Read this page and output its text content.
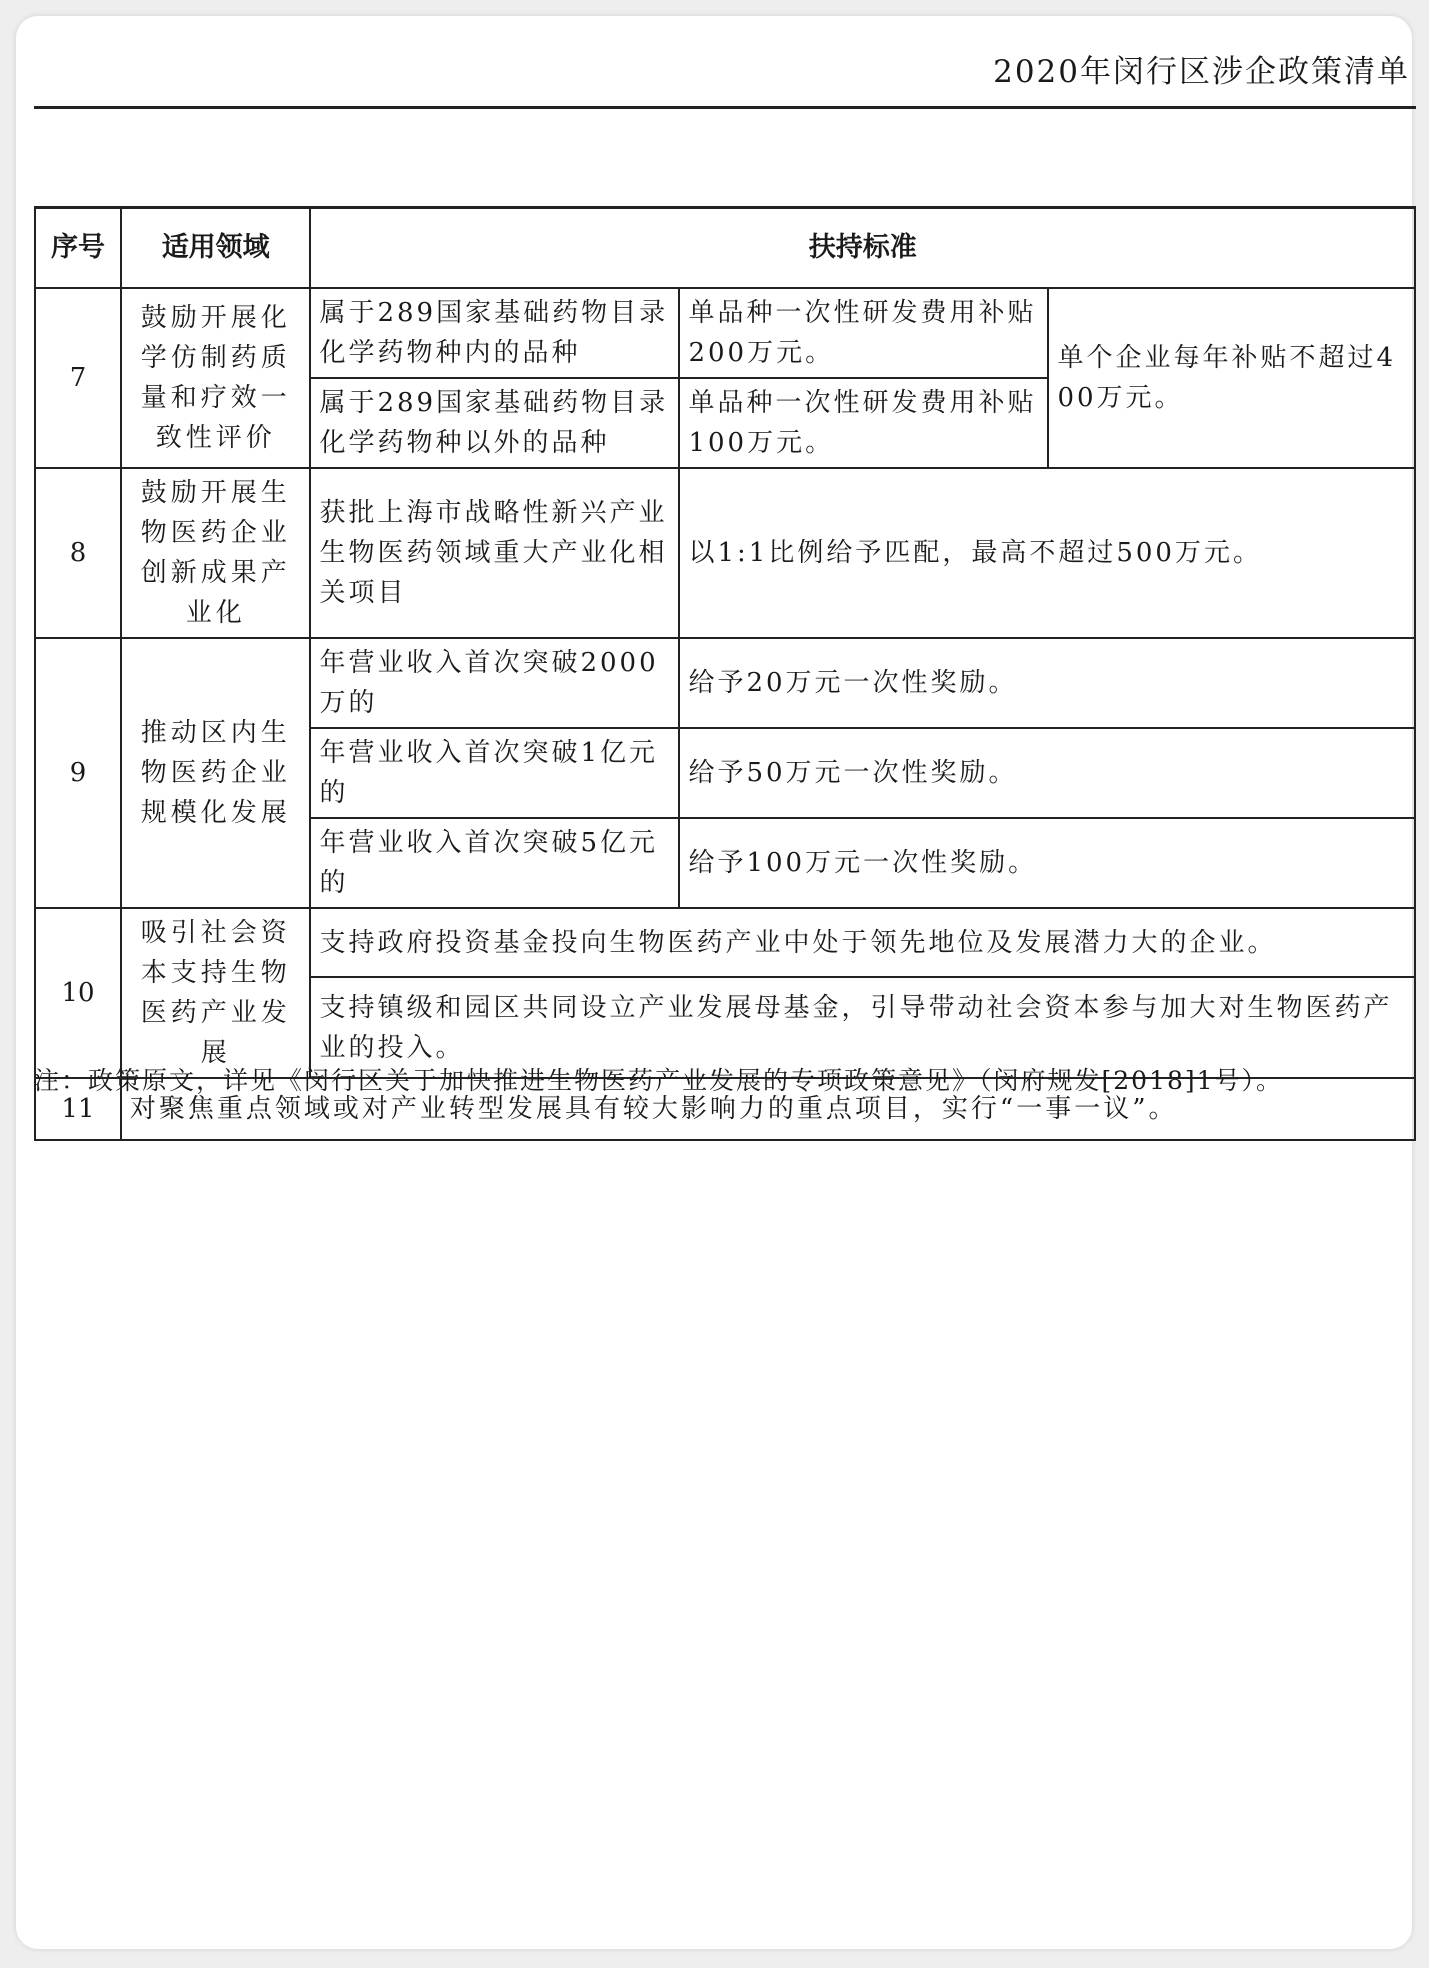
2020年闵行区涉企政策清单
序号	适用领域	扶持标准		
7	鼓励开展化学仿制药质量和疗效一致性评价	属于289国家基础药物目录化学药物种内的品种	单品种一次性研发费用补贴200万元。	单个企业每年补贴不超过400万元。
		属于289国家基础药物目录化学药物种以外的品种	单品种一次性研发费用补贴100万元。	
8	鼓励开展生物医药企业创新成果产业化	获批上海市战略性新兴产业生物医药领域重大产业化相关项目	以1:1比例给予匹配，最高不超过500万元。	
9	推动区内生物医药企业规模化发展	年营业收入首次突破2000万的	给予20万元一次性奖励。	
		年营业收入首次突破1亿元的	给予50万元一次性奖励。	
		年营业收入首次突破5亿元的	给予100万元一次性奖励。	
10	吸引社会资本支持生物医药产业发展	支持政府投资基金投向生物医药产业中处于领先地位及发展潜力大的企业。		
		支持镇级和园区共同设立产业发展母基金，引导带动社会资本参与加大对生物医药产业的投入。		
11	对聚焦重点领域或对产业转型发展具有较大影响力的重点项目，实行“一事一议”。			
注：政策原文，详见《闵行区关于加快推进生物医药产业发展的专项政策意见》（闵府规发[2018]1号）。
